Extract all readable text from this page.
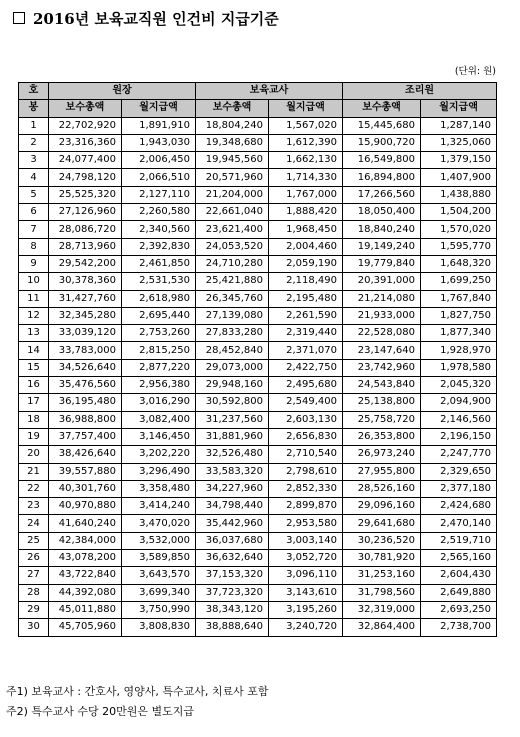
2016년 보육교직원 인건비 지급기준
(단위: 원)
호	원장		보육교사		조리원	
봉	보수총액	월지급액	보수총액	월지급액	보수총액	월지급액
1	22,702,920	1,891,910	18,804,240	1,567,020	15,445,680	1,287,140
2	23,316,360	1,943,030	19,348,680	1,612,390	15,900,720	1,325,060
3	24,077,400	2,006,450	19,945,560	1,662,130	16,549,800	1,379,150
4	24,798,120	2,066,510	20,571,960	1,714,330	16,894,800	1,407,900
5	25,525,320	2,127,110	21,204,000	1,767,000	17,266,560	1,438,880
6	27,126,960	2,260,580	22,661,040	1,888,420	18,050,400	1,504,200
7	28,086,720	2,340,560	23,621,400	1,968,450	18,840,240	1,570,020
8	28,713,960	2,392,830	24,053,520	2,004,460	19,149,240	1,595,770
9	29,542,200	2,461,850	24,710,280	2,059,190	19,779,840	1,648,320
10	30,378,360	2,531,530	25,421,880	2,118,490	20,391,000	1,699,250
11	31,427,760	2,618,980	26,345,760	2,195,480	21,214,080	1,767,840
12	32,345,280	2,695,440	27,139,080	2,261,590	21,933,000	1,827,750
13	33,039,120	2,753,260	27,833,280	2,319,440	22,528,080	1,877,340
14	33,783,000	2,815,250	28,452,840	2,371,070	23,147,640	1,928,970
15	34,526,640	2,877,220	29,073,000	2,422,750	23,742,960	1,978,580
16	35,476,560	2,956,380	29,948,160	2,495,680	24,543,840	2,045,320
17	36,195,480	3,016,290	30,592,800	2,549,400	25,138,800	2,094,900
18	36,988,800	3,082,400	31,237,560	2,603,130	25,758,720	2,146,560
19	37,757,400	3,146,450	31,881,960	2,656,830	26,353,800	2,196,150
20	38,426,640	3,202,220	32,526,480	2,710,540	26,973,240	2,247,770
21	39,557,880	3,296,490	33,583,320	2,798,610	27,955,800	2,329,650
22	40,301,760	3,358,480	34,227,960	2,852,330	28,526,160	2,377,180
23	40,970,880	3,414,240	34,798,440	2,899,870	29,096,160	2,424,680
24	41,640,240	3,470,020	35,442,960	2,953,580	29,641,680	2,470,140
25	42,384,000	3,532,000	36,037,680	3,003,140	30,236,520	2,519,710
26	43,078,200	3,589,850	36,632,640	3,052,720	30,781,920	2,565,160
27	43,722,840	3,643,570	37,153,320	3,096,110	31,253,160	2,604,430
28	44,392,080	3,699,340	37,723,320	3,143,610	31,798,560	2,649,880
29	45,011,880	3,750,990	38,343,120	3,195,260	32,319,000	2,693,250
30	45,705,960	3,808,830	38,888,640	3,240,720	32,864,400	2,738,700
주1) 보육교사 : 간호사, 영양사, 특수교사, 치료사 포함
주2) 특수교사 수당 20만원은 별도지급
